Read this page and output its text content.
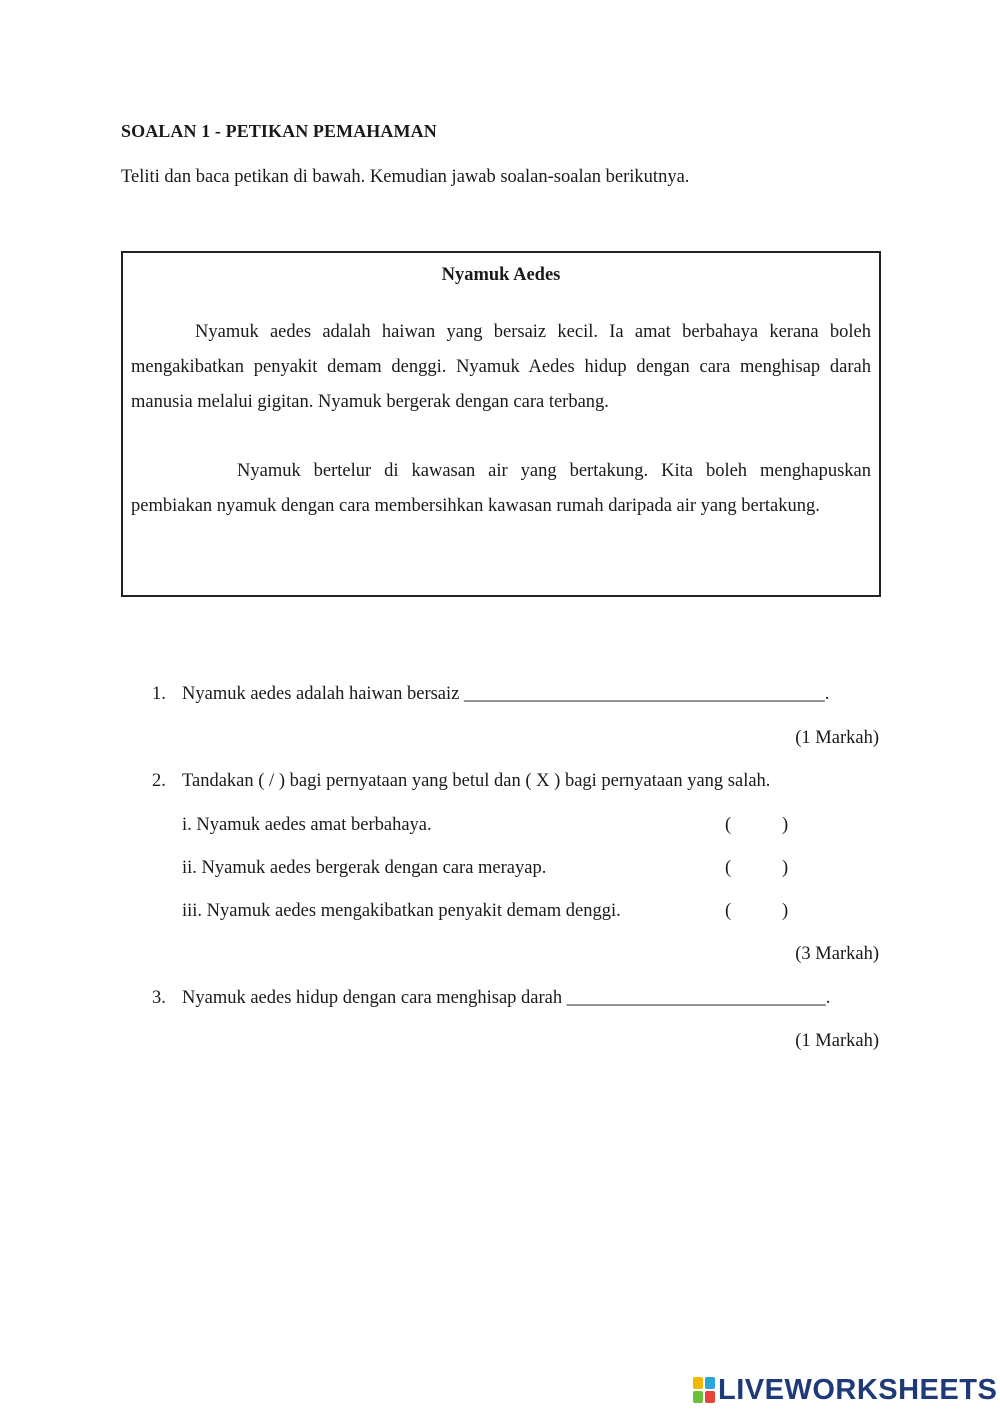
SOALAN 1 - PETIKAN PEMAHAMAN
Teliti dan baca petikan di bawah. Kemudian jawab soalan-soalan berikutnya.
Nyamuk Aedes
Nyamuk aedes adalah haiwan yang bersaiz kecil. Ia amat berbahaya kerana boleh mengakibatkan penyakit demam denggi. Nyamuk Aedes hidup dengan cara menghisap darah manusia melalui gigitan. Nyamuk bergerak dengan cara terbang.
Nyamuk bertelur di kawasan air yang bertakung. Kita boleh menghapuskan pembiakan nyamuk dengan cara membersihkan kawasan rumah daripada air yang bertakung.
1. Nyamuk aedes adalah haiwan bersaiz _______________________________________.
(1 Markah)
2. Tandakan ( / ) bagi pernyataan yang betul dan ( X ) bagi pernyataan yang salah.
i. Nyamuk aedes amat berbahaya.	(           )
ii. Nyamuk aedes bergerak dengan cara merayap.	(           )
iii. Nyamuk aedes mengakibatkan penyakit demam denggi.	(           )
(3 Markah)
3. Nyamuk aedes hidup dengan cara menghisap darah ____________________________.
(1 Markah)
LIVEWORKSHEETS
